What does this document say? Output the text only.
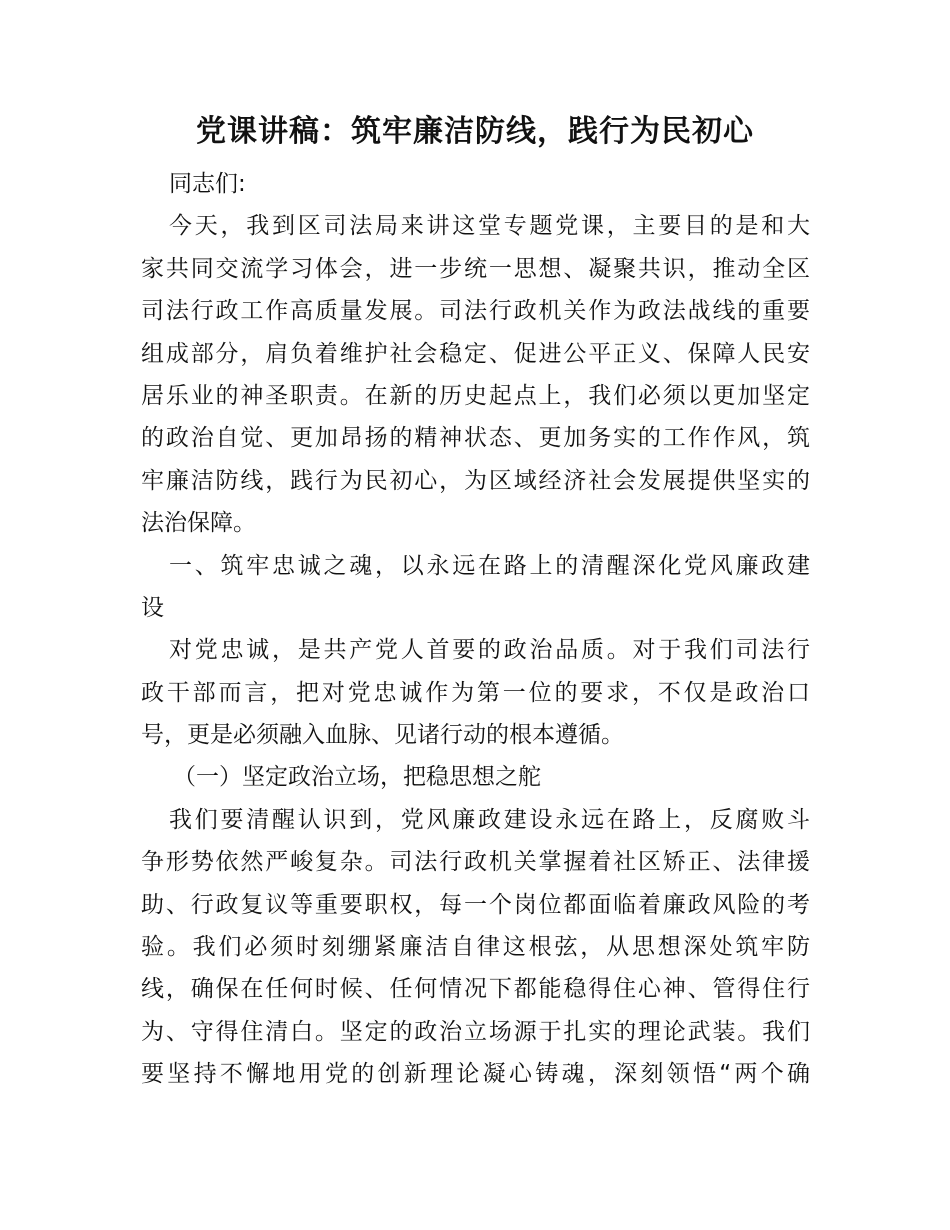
党课讲稿：筑牢廉洁防线，践行为民初心
同志们:
今天，我到区司法局来讲这堂专题党课，主要目的是和大
家共同交流学习体会，进一步统一思想、凝聚共识，推动全区
司法行政工作高质量发展。司法行政机关作为政法战线的重要
组成部分，肩负着维护社会稳定、促进公平正义、保障人民安
居乐业的神圣职责。在新的历史起点上，我们必须以更加坚定
的政治自觉、更加昂扬的精神状态、更加务实的工作作风，筑
牢廉洁防线，践行为民初心，为区域经济社会发展提供坚实的
法治保障。
一、筑牢忠诚之魂，以永远在路上的清醒深化党风廉政建
设
对党忠诚，是共产党人首要的政治品质。对于我们司法行
政干部而言，把对党忠诚作为第一位的要求，不仅是政治口
号，更是必须融入血脉、见诸行动的根本遵循。
（一）坚定政治立场，把稳思想之舵
我们要清醒认识到，党风廉政建设永远在路上，反腐败斗
争形势依然严峻复杂。司法行政机关掌握着社区矫正、法律援
助、行政复议等重要职权，每一个岗位都面临着廉政风险的考
验。我们必须时刻绷紧廉洁自律这根弦，从思想深处筑牢防
线，确保在任何时候、任何情况下都能稳得住心神、管得住行
为、守得住清白。坚定的政治立场源于扎实的理论武装。我们
要坚持不懈地用党的创新理论凝心铸魂，深刻领悟“两个确
